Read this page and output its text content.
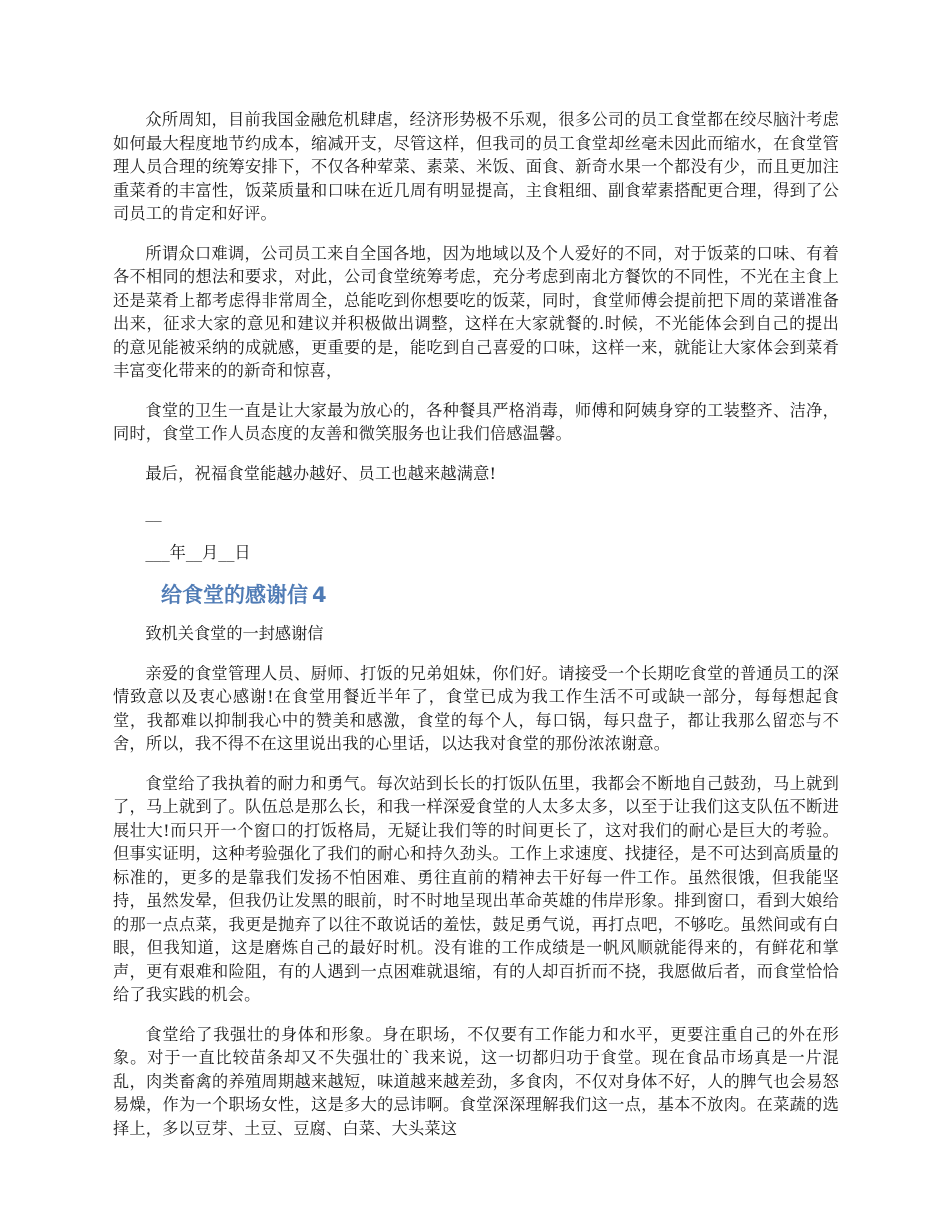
众所周知，目前我国金融危机肆虐，经济形势极不乐观，很多公司的员工食堂都在绞尽脑汁考虑如何最大程度地节约成本，缩减开支，尽管这样，但我司的员工食堂却丝毫未因此而缩水，在食堂管理人员合理的统筹安排下，不仅各种荤菜、素菜、米饭、面食、新奇水果一个都没有少，而且更加注重菜肴的丰富性，饭菜质量和口味在近几周有明显提高，主食粗细、副食荤素搭配更合理，得到了公司员工的肯定和好评。

所谓众口难调，公司员工来自全国各地，因为地域以及个人爱好的不同，对于饭菜的口味、有着各不相同的想法和要求，对此，公司食堂统筹考虑，充分考虑到南北方餐饮的不同性，不光在主食上还是菜肴上都考虑得非常周全，总能吃到你想要吃的饭菜，同时，食堂师傅会提前把下周的菜谱准备出来，征求大家的意见和建议并积极做出调整，这样在大家就餐的.时候，不光能体会到自己的提出的意见能被采纳的成就感，更重要的是，能吃到自己喜爱的口味，这样一来，就能让大家体会到菜肴丰富变化带来的的新奇和惊喜，

食堂的卫生一直是让大家最为放心的，各种餐具严格消毒，师傅和阿姨身穿的工装整齐、洁净，同时，食堂工作人员态度的友善和微笑服务也让我们倍感温馨。

最后，祝福食堂能越办越好、员工也越来越满意!

__

___年__月__日

给食堂的感谢信 4

致机关食堂的一封感谢信

亲爱的食堂管理人员、厨师、打饭的兄弟姐妹，你们好。请接受一个长期吃食堂的普通员工的深情致意以及衷心感谢!在食堂用餐近半年了，食堂已成为我工作生活不可或缺一部分，每每想起食堂，我都难以抑制我心中的赞美和感激，食堂的每个人，每口锅，每只盘子，都让我那么留恋与不舍，所以，我不得不在这里说出我的心里话，以达我对食堂的那份浓浓谢意。

食堂给了我执着的耐力和勇气。每次站到长长的打饭队伍里，我都会不断地自己鼓劲，马上就到了，马上就到了。队伍总是那么长，和我一样深爱食堂的人太多太多，以至于让我们这支队伍不断进展壮大!而只开一个窗口的打饭格局，无疑让我们等的时间更长了，这对我们的耐心是巨大的考验。但事实证明，这种考验强化了我们的耐心和持久劲头。工作上求速度、找捷径，是不可达到高质量的标准的，更多的是靠我们发扬不怕困难、勇往直前的精神去干好每一件工作。虽然很饿，但我能坚持，虽然发晕，但我仍让发黑的眼前，时不时地呈现出革命英雄的伟岸形象。排到窗口，看到大娘给的那一点点菜，我更是抛弃了以往不敢说话的羞怯，鼓足勇气说，再打点吧，不够吃。虽然间或有白眼，但我知道，这是磨炼自己的最好时机。没有谁的工作成绩是一帆风顺就能得来的，有鲜花和掌声，更有艰难和险阻，有的人遇到一点困难就退缩，有的人却百折而不挠，我愿做后者，而食堂恰恰给了我实践的机会。

食堂给了我强壮的身体和形象。身在职场，不仅要有工作能力和水平，更要注重自己的外在形象。对于一直比较苗条却又不失强壮的`我来说，这一切都归功于食堂。现在食品市场真是一片混乱，肉类畜禽的养殖周期越来越短，味道越来越差劲，多食肉，不仅对身体不好，人的脾气也会易怒易燥，作为一个职场女性，这是多大的忌讳啊。食堂深深理解我们这一点，基本不放肉。在菜蔬的选择上，多以豆芽、土豆、豆腐、白菜、大头菜这
